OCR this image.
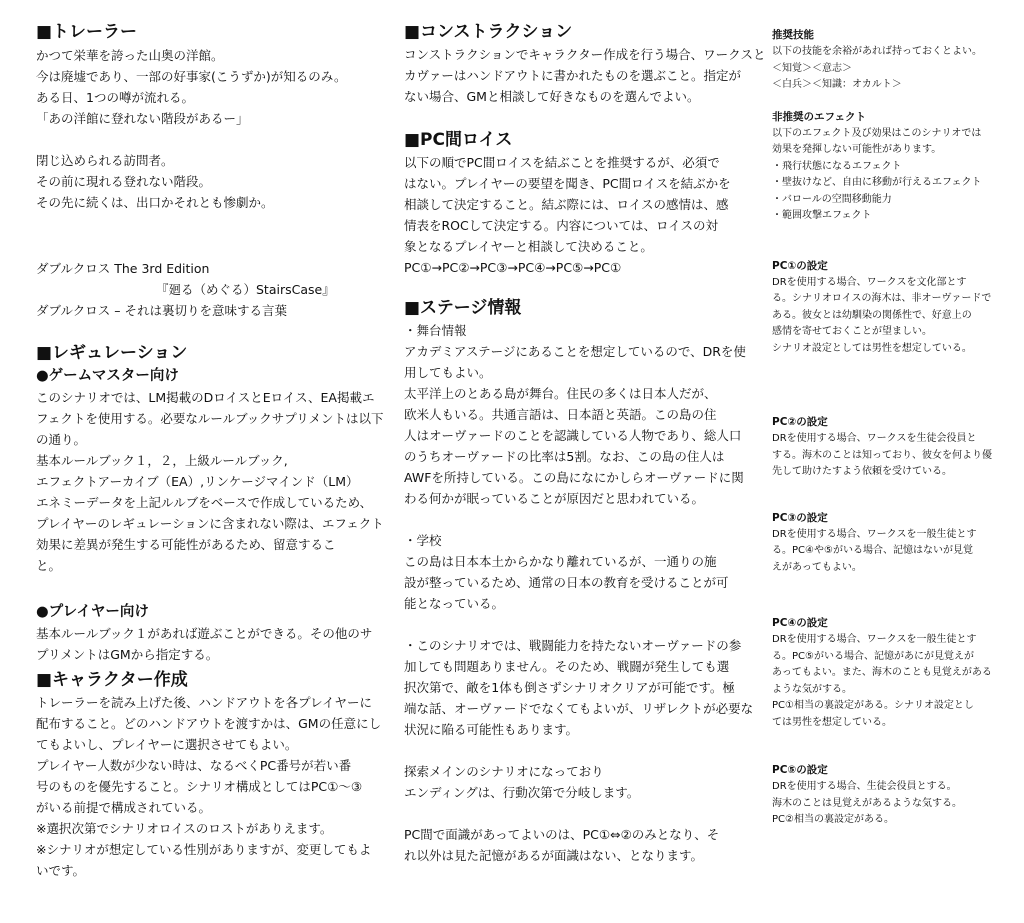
■トレーラー
かつて栄華を誇った山奥の洋館。
今は廃墟であり、一部の好事家(こうずか)が知るのみ。
ある日、1つの噂が流れる。
「あの洋館に登れない階段があるー」
閉じ込められる訪問者。
その前に現れる登れない階段。
その先に続くは、出口かそれとも惨劇か。
ダブルクロス The 3rd Edition
『廻る（めぐる）StairsCase』
ダブルクロス – それは裏切りを意味する言葉
■レギュレーション
●ゲームマスター向け
このシナリオでは、LM掲載のDロイスとEロイス、EA掲載エ
フェクトを使用する。必要なルールブックサプリメントは以下
の通り。
基本ルールブック１，２，上級ルールブック,
エフェクトアーカイブ（EA）,リンケージマインド（LM）
エネミーデータを上記ルルブをベースで作成しているため、
プレイヤーのレギュレーションに含まれない際は、エフェクト
効果に差異が発生する可能性があるため、留意するこ
と。
●プレイヤー向け
基本ルールブック１があれば遊ぶことができる。その他のサ
プリメントはGMから指定する。
■キャラクター作成
トレーラーを読み上げた後、ハンドアウトを各プレイヤーに
配布すること。どのハンドアウトを渡すかは、GMの任意にし
てもよいし、プレイヤーに選択させてもよい。
プレイヤー人数が少ない時は、なるべくPC番号が若い番
号のものを優先すること。シナリオ構成としてはPC①～③
がいる前提で構成されている。
※選択次第でシナリオロイスのロストがありえます。
※シナリオが想定している性別がありますが、変更してもよ
いです。
■コンストラクション
コンストラクションでキャラクター作成を行う場合、ワークスと
カヴァーはハンドアウトに書かれたものを選ぶこと。指定が
ない場合、GMと相談して好きなものを選んでよい。
■PC間ロイス
以下の順でPC間ロイスを結ぶことを推奨するが、必須で
はない。プレイヤーの要望を聞き、PC間ロイスを結ぶかを
相談して決定すること。結ぶ際には、ロイスの感情は、感
情表をROCして決定する。内容については、ロイスの対
象となるプレイヤーと相談して決めること。
PC①→PC②→PC③→PC④→PC⑤→PC①
■ステージ情報
・舞台情報
アカデミアステージにあることを想定しているので、DRを使
用してもよい。
太平洋上のとある島が舞台。住民の多くは日本人だが、
欧米人もいる。共通言語は、日本語と英語。この島の住
人はオーヴァードのことを認識している人物であり、総人口
のうちオーヴァードの比率は5割。なお、この島の住人は
AWFを所持している。この島になにかしらオーヴァードに関
わる何かが眠っていることが原因だと思われている。
・学校
この島は日本本土からかなり離れているが、一通りの施
設が整っているため、通常の日本の教育を受けることが可
能となっている。
・このシナリオでは、戦闘能力を持たないオーヴァードの参
加しても問題ありません。そのため、戦闘が発生しても選
択次第で、敵を1体も倒さずシナリオクリアが可能です。極
端な話、オーヴァードでなくてもよいが、リザレクトが必要な
状況に陥る可能性もあります。
探索メインのシナリオになっており
エンディングは、行動次第で分岐します。
PC間で面識があってよいのは、PC①⇔②のみとなり、そ
れ以外は見た記憶があるが面識はない、となります。
推奨技能
以下の技能を余裕があれば持っておくとよい。
＜知覚＞＜意志＞
＜白兵＞＜知識：オカルト＞
非推奨のエフェクト
以下のエフェクト及び効果はこのシナリオでは
効果を発揮しない可能性があります。
・飛行状態になるエフェクト
・壁抜けなど、自由に移動が行えるエフェクト
・バロールの空間移動能力
・範囲攻撃エフェクト
PC①の設定
DRを使用する場合、ワークスを文化部とす
る。シナリオロイスの海木は、非オーヴァードで
ある。彼女とは幼馴染の関係性で、好意上の
感情を寄せておくことが望ましい。
シナリオ設定としては男性を想定している。
PC②の設定
DRを使用する場合、ワークスを生徒会役員と
する。海木のことは知っており、彼女を何より優
先して助けたすよう依頼を受けている。
PC③の設定
DRを使用する場合、ワークスを一般生徒とす
る。PC④や⑤がいる場合、記憶はないが見覚
えがあってもよい。
PC④の設定
DRを使用する場合、ワークスを一般生徒とす
る。PC⑤がいる場合、記憶があにが見覚えが
あってもよい。また、海木のことも見覚えがある
ような気がする。
PC①相当の裏設定がある。シナリオ設定とし
ては男性を想定している。
PC⑤の設定
DRを使用する場合、生徒会役員とする。
海木のことは見覚えがあるような気する。
PC②相当の裏設定がある。
